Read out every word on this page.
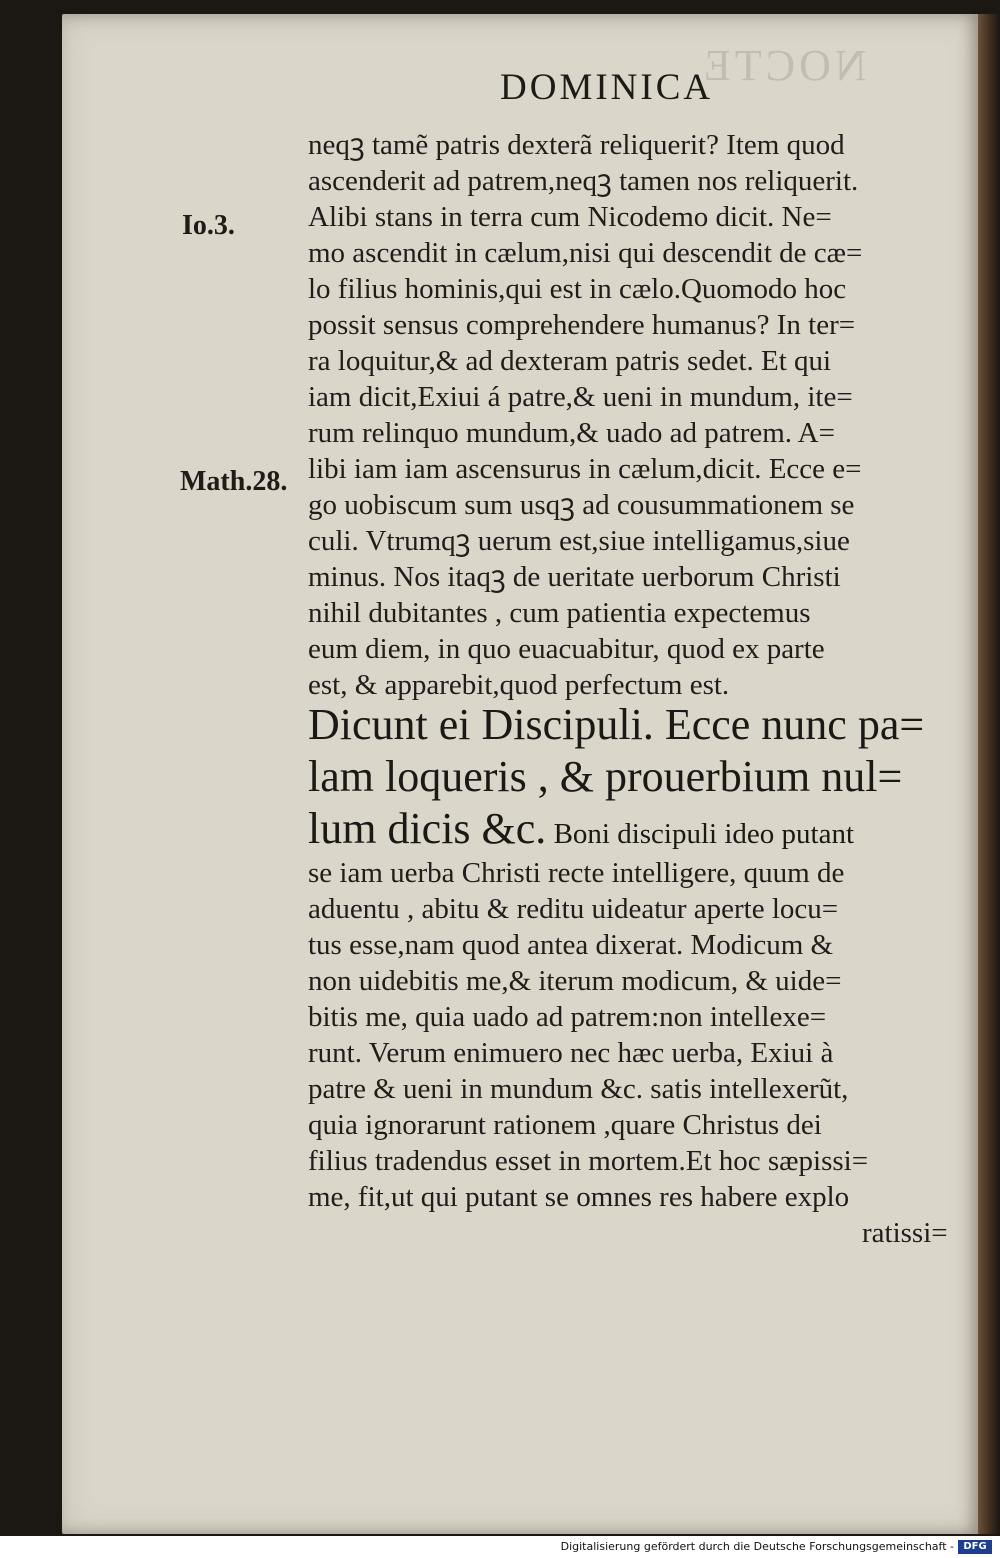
NOCTE
DOMINICA
Io.3.
Math.28.
neqꝫ tamẽ patris dexterã reliquerit? Item quod
ascenderit ad patrem,neqꝫ tamen nos reliquerit.
Alibi stans in terra cum Nicodemo dicit. Ne=
mo ascendit in cælum,nisi qui descendit de cæ=
lo filius hominis,qui est in cælo.Quomodo hoc
possit sensus comprehendere humanus? In ter=
ra loquitur,& ad dexteram patris sedet. Et qui
iam dicit,Exiui á patre,& ueni in mundum, ite=
rum relinquo mundum,& uado ad patrem. A=
libi iam iam ascensurus in cælum,dicit. Ecce e=
go uobiscum sum usqꝫ ad cousummationem se
culi. Vtrumqꝫ uerum est,siue intelligamus,siue
minus. Nos itaqꝫ de ueritate uerborum Christi
nihil dubitantes , cum patientia expectemus
eum diem, in quo euacuabitur, quod ex parte
est, & apparebit,quod perfectum est.
Dicunt ei Discipuli. Ecce nunc pa=
lam loqueris , & prouerbium nul=
lum dicis &c. Boni discipuli ideo putant
se iam uerba Christi recte intelligere, quum de
aduentu , abitu & reditu uideatur aperte locu=
tus esse,nam quod antea dixerat. Modicum &
non uidebitis me,& iterum modicum, & uide=
bitis me, quia uado ad patrem:non intellexe=
runt. Verum enimuero nec hæc uerba, Exiui à
patre & ueni in mundum &c. satis intellexerũt,
quia ignorarunt rationem ,quare Christus dei
filius tradendus esset in mortem.Et hoc sæpissi=
me, fit,ut qui putant se omnes res habere explo
ratissi=
Digitalisierung gefördert durch die Deutsche Forschungsgemeinschaft - DFG
